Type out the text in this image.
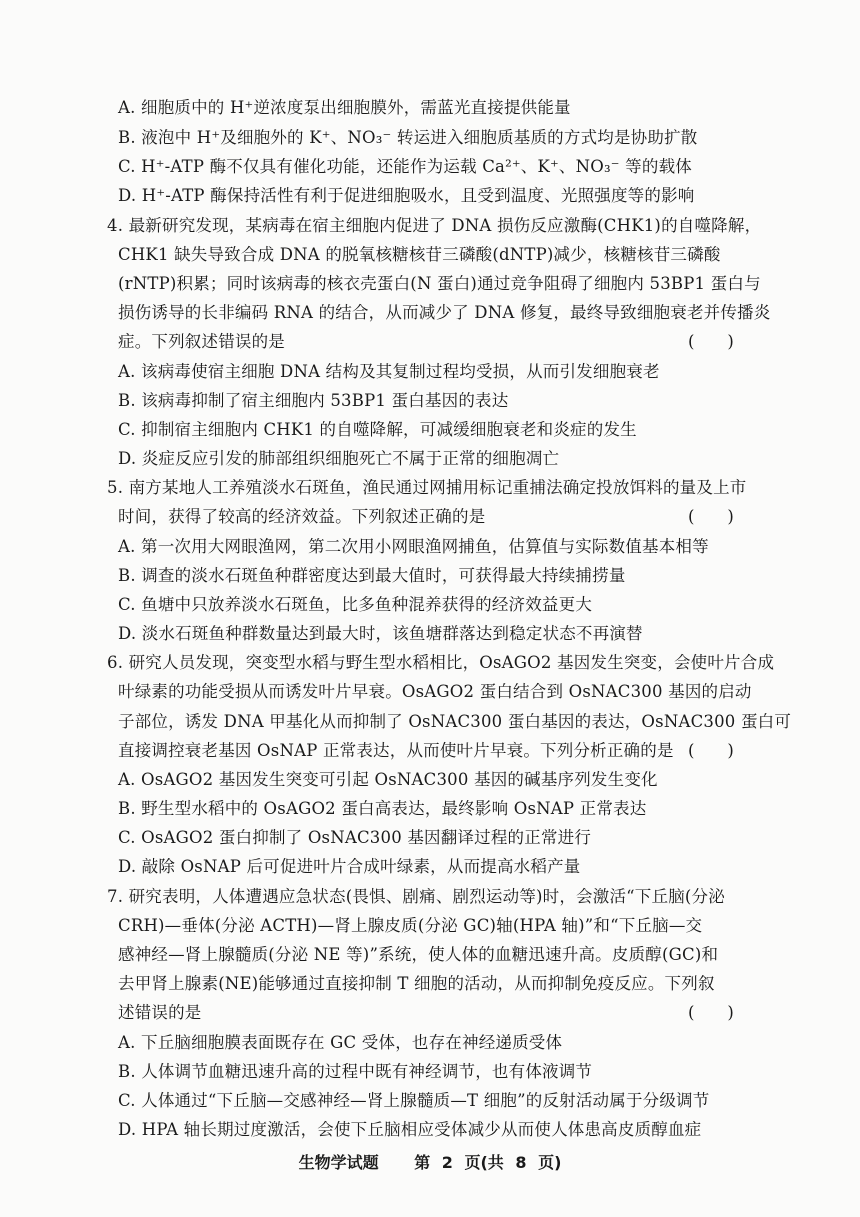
A. 细胞质中的 H⁺逆浓度泵出细胞膜外，需蓝光直接提供能量
B. 液泡中 H⁺及细胞外的 K⁺、NO₃⁻ 转运进入细胞质基质的方式均是协助扩散
C. H⁺-ATP 酶不仅具有催化功能，还能作为运载 Ca²⁺、K⁺、NO₃⁻ 等的载体
D. H⁺-ATP 酶保持活性有利于促进细胞吸水，且受到温度、光照强度等的影响
4. 最新研究发现，某病毒在宿主细胞内促进了 DNA 损伤反应激酶(CHK1)的自噬降解，
CHK1 缺失导致合成 DNA 的脱氧核糖核苷三磷酸(dNTP)减少，核糖核苷三磷酸
(rNTP)积累；同时该病毒的核衣壳蛋白(N 蛋白)通过竞争阻碍了细胞内 53BP1 蛋白与
损伤诱导的长非编码 RNA 的结合，从而减少了 DNA 修复，最终导致细胞衰老并传播炎
症。下列叙述错误的是
A. 该病毒使宿主细胞 DNA 结构及其复制过程均受损，从而引发细胞衰老
B. 该病毒抑制了宿主细胞内 53BP1 蛋白基因的表达
C. 抑制宿主细胞内 CHK1 的自噬降解，可减缓细胞衰老和炎症的发生
D. 炎症反应引发的肺部组织细胞死亡不属于正常的细胞凋亡
5. 南方某地人工养殖淡水石斑鱼，渔民通过网捕用标记重捕法确定投放饵料的量及上市
时间，获得了较高的经济效益。下列叙述正确的是
A. 第一次用大网眼渔网，第二次用小网眼渔网捕鱼，估算值与实际数值基本相等
B. 调查的淡水石斑鱼种群密度达到最大值时，可获得最大持续捕捞量
C. 鱼塘中只放养淡水石斑鱼，比多鱼种混养获得的经济效益更大
D. 淡水石斑鱼种群数量达到最大时，该鱼塘群落达到稳定状态不再演替
6. 研究人员发现，突变型水稻与野生型水稻相比，OsAGO2 基因发生突变，会使叶片合成
叶绿素的功能受损从而诱发叶片早衰。OsAGO2 蛋白结合到 OsNAC300 基因的启动
子部位，诱发 DNA 甲基化从而抑制了 OsNAC300 蛋白基因的表达，OsNAC300 蛋白可
直接调控衰老基因 OsNAP 正常表达，从而使叶片早衰。下列分析正确的是
A. OsAGO2 基因发生突变可引起 OsNAC300 基因的碱基序列发生变化
B. 野生型水稻中的 OsAGO2 蛋白高表达，最终影响 OsNAP 正常表达
C. OsAGO2 蛋白抑制了 OsNAC300 基因翻译过程的正常进行
D. 敲除 OsNAP 后可促进叶片合成叶绿素，从而提高水稻产量
7. 研究表明，人体遭遇应急状态(畏惧、剧痛、剧烈运动等)时，会激活“下丘脑(分泌
CRH)—垂体(分泌 ACTH)—肾上腺皮质(分泌 GC)轴(HPA 轴)”和“下丘脑—交
感神经—肾上腺髓质(分泌 NE 等)”系统，使人体的血糖迅速升高。皮质醇(GC)和
去甲肾上腺素(NE)能够通过直接抑制 T 细胞的活动，从而抑制免疫反应。下列叙
述错误的是
A. 下丘脑细胞膜表面既存在 GC 受体，也存在神经递质受体
B. 人体调节血糖迅速升高的过程中既有神经调节，也有体液调节
C. 人体通过“下丘脑—交感神经—肾上腺髓质—T 细胞”的反射活动属于分级调节
D. HPA 轴长期过度激活，会使下丘脑相应受体减少从而使人体患高皮质醇血症
(　　)
(　　)
(　　)
(　　)
生物学试题 第 2 页(共 8 页)
